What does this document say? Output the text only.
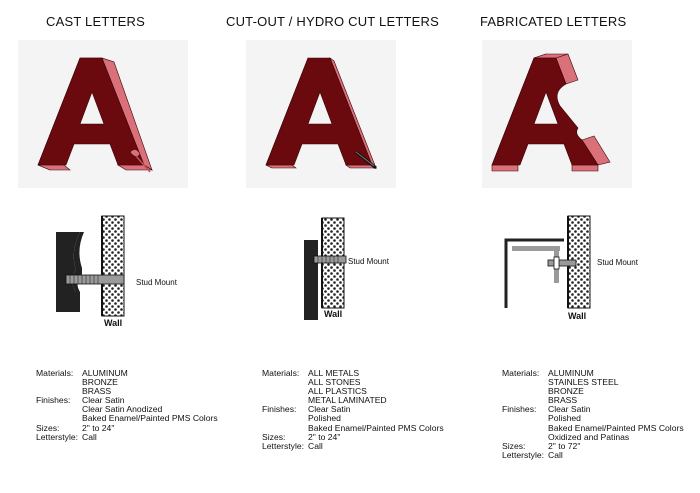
CAST LETTERS	CUT-OUT / HYDRO CUT LETTERS	FABRICATED LETTERS
Stud Mount
Wall
Stud Mount
Wall
Stud Mount
Wall
Materials:	ALUMINUM
BRONZE
BRASS
Finishes:	Clear Satin
Clear Satin Anodized
Baked Enamel/Painted PMS Colors
Sizes:	2" to 24"
Letterstyle: Call
Materials:	ALL METALS
ALL STONES
ALL PLASTICS
METAL LAMINATED
Finishes:	Clear Satin
Polished
Baked Enamel/Painted PMS Colors
Sizes:	2" to 24"
Letterstyle: Call
Materials:	ALUMINUM
STAINLES STEEL
BRONZE
BRASS
Finishes:	Clear Satin
Polished
Baked Enamel/Painted PMS Colors
Oxidized and Patinas
Sizes:	2" to 72"
Letterstyle: Call
